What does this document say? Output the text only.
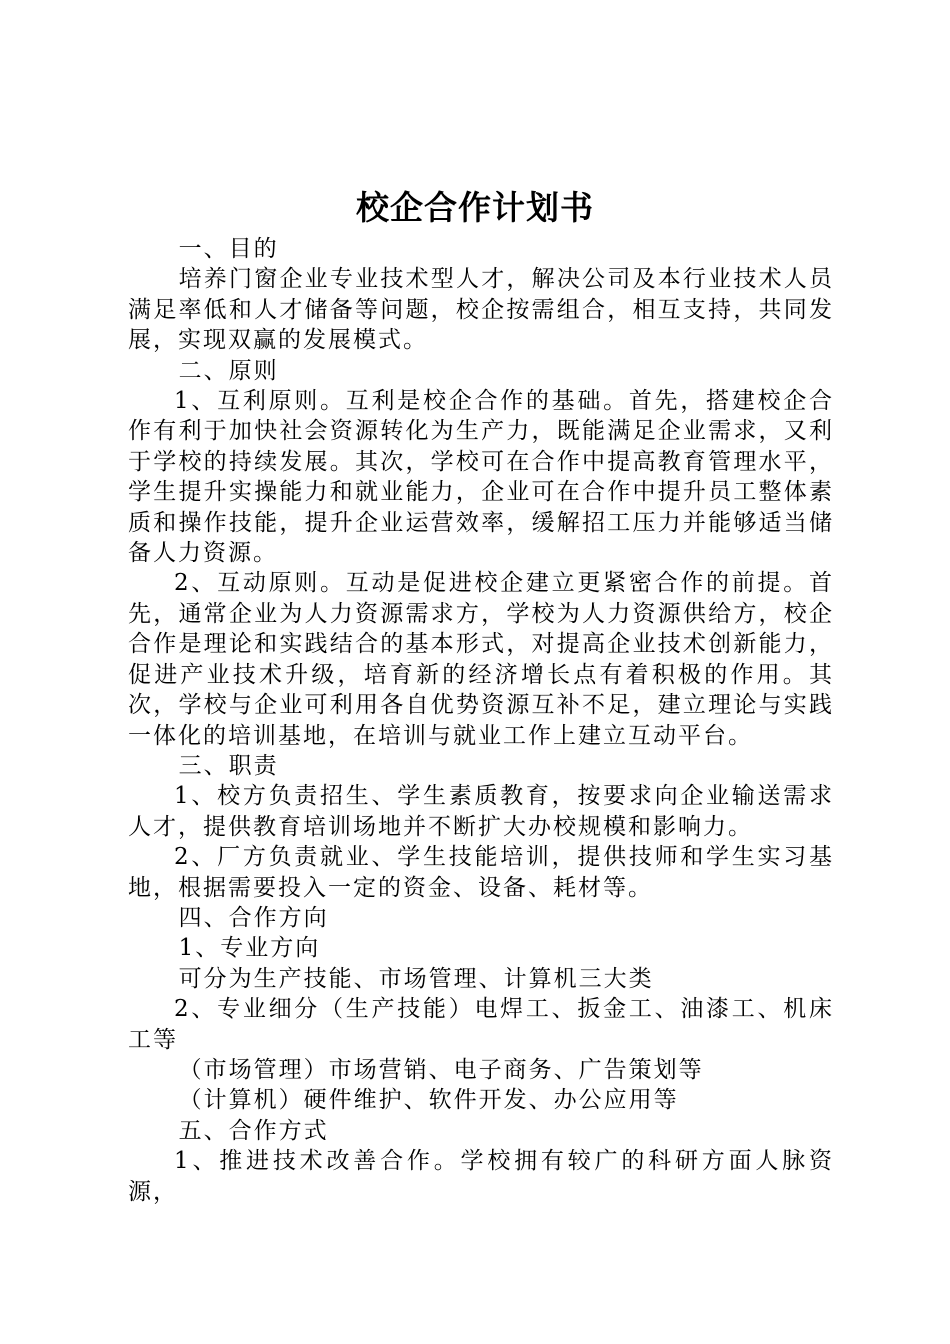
校企合作计划书

一、目的

培养门窗企业专业技术型人才，解决公司及本行业技术人员满足率低和人才储备等问题，校企按需组合，相互支持，共同发展，实现双赢的发展模式。

二、原则

1、互利原则。互利是校企合作的基础。首先，搭建校企合作有利于加快社会资源转化为生产力，既能满足企业需求，又利于学校的持续发展。其次，学校可在合作中提高教育管理水平，学生提升实操能力和就业能力，企业可在合作中提升员工整体素质和操作技能，提升企业运营效率，缓解招工压力并能够适当储备人力资源。

2、互动原则。互动是促进校企建立更紧密合作的前提。首先，通常企业为人力资源需求方，学校为人力资源供给方，校企合作是理论和实践结合的基本形式，对提高企业技术创新能力，促进产业技术升级，培育新的经济增长点有着积极的作用。其次，学校与企业可利用各自优势资源互补不足，建立理论与实践一体化的培训基地，在培训与就业工作上建立互动平台。

三、职责

1、校方负责招生、学生素质教育，按要求向企业输送需求人才，提供教育培训场地并不断扩大办校规模和影响力。

2、厂方负责就业、学生技能培训，提供技师和学生实习基地，根据需要投入一定的资金、设备、耗材等。

四、合作方向

1、专业方向

可分为生产技能、市场管理、计算机三大类

2、专业细分（生产技能）电焊工、扳金工、油漆工、机床工等

（市场管理）市场营销、电子商务、广告策划等

（计算机）硬件维护、软件开发、办公应用等

五、合作方式

1、推进技术改善合作。学校拥有较广的科研方面人脉资源，
